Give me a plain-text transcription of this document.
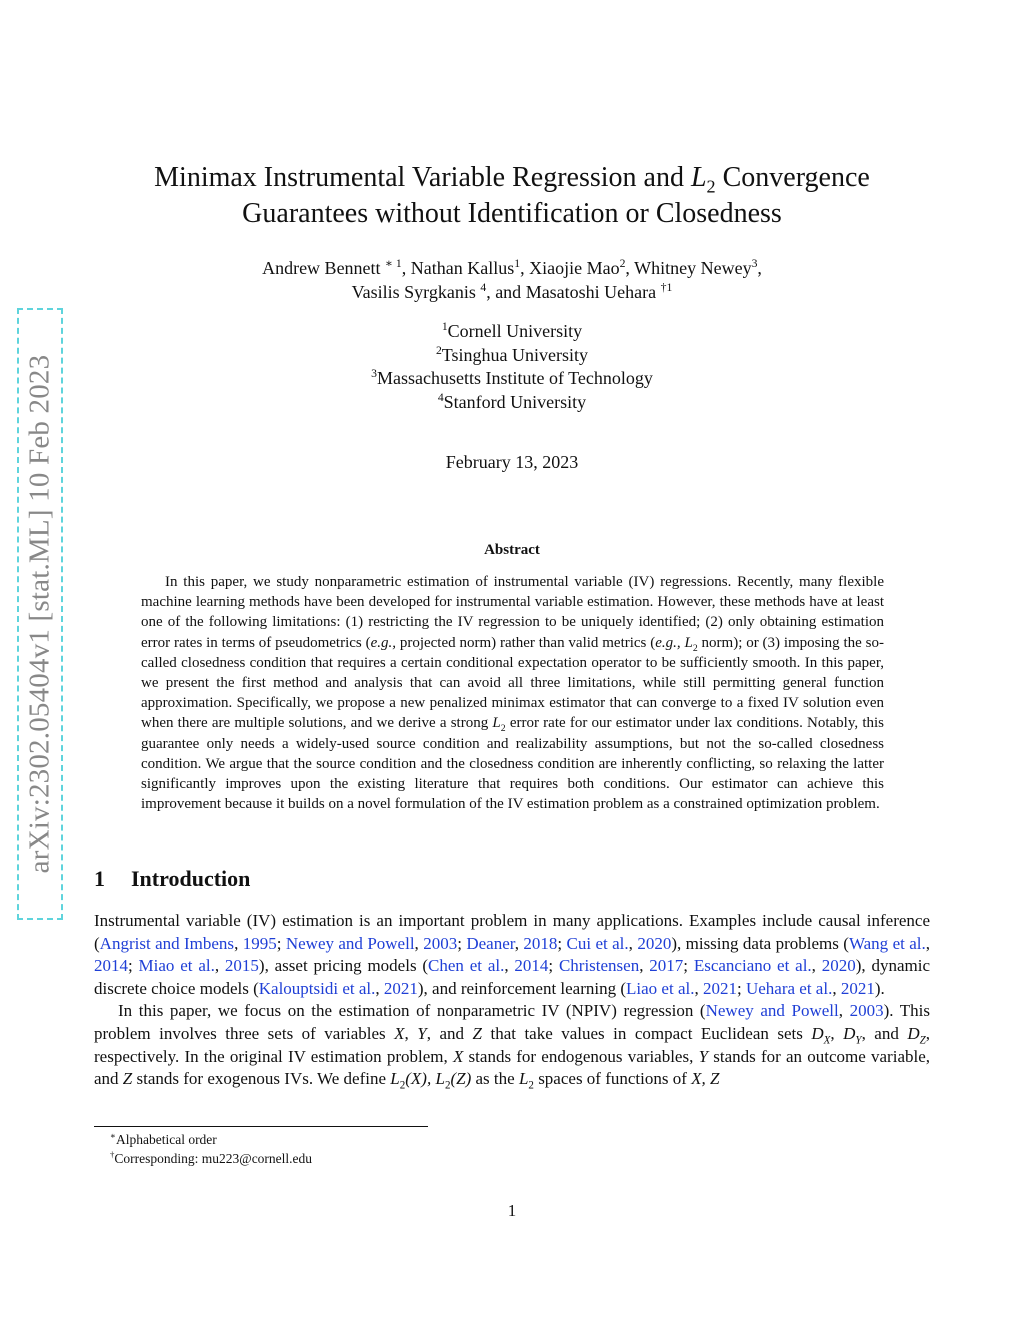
arXiv:2302.05404v1 [stat.ML] 10 Feb 2023
Minimax Instrumental Variable Regression and $L_2$ Convergence
Guarantees without Identification or Closedness
Andrew Bennett $^{∗ 1}$, Nathan Kallus$^1$, Xiaojie Mao$^2$, Whitney Newey$^3$,
Vasilis Syrgkanis $^4$, and Masatoshi Uehara $^{\dagger 1}$
$^1$Cornell University
$^2$Tsinghua University
$^3$Massachusetts Institute of Technology
$^4$Stanford University
February 13, 2023
Abstract
In this paper, we study nonparametric estimation of instrumental variable (IV) regressions. Recently, many flexible machine learning methods have been developed for instrumental variable estimation. However, these methods have at least one of the following limitations: (1) restricting the IV regression to be uniquely identified; (2) only obtaining estimation error rates in terms of pseudometrics (e.g., projected norm) rather than valid metrics (e.g., $L_2$ norm); or (3) imposing the so-called closedness condition that requires a certain conditional expectation operator to be sufficiently smooth. In this paper, we present the first method and analysis that can avoid all three limitations, while still permitting general function approximation. Specifically, we propose a new penalized minimax estimator that can converge to a fixed IV solution even when there are multiple solutions, and we derive a strong $L_2$ error rate for our estimator under lax conditions. Notably, this guarantee only needs a widely-used source condition and realizability assumptions, but not the so-called closedness condition. We argue that the source condition and the closedness condition are inherently conflicting, so relaxing the latter significantly improves upon the existing literature that requires both conditions. Our estimator can achieve this improvement because it builds on a novel formulation of the IV estimation problem as a constrained optimization problem.
1 Introduction

Instrumental variable (IV) estimation is an important problem in many applications. Examples include causal inference (Angrist and Imbens, 1995; Newey and Powell, 2003; Deaner, 2018; Cui et al., 2020), missing data problems (Wang et al., 2014; Miao et al., 2015), asset pricing models (Chen et al., 2014; Christensen, 2017; Escanciano et al., 2020), dynamic discrete choice models (Kalouptsidi et al., 2021), and reinforcement learning (Liao et al., 2021; Uehara et al., 2021).

In this paper, we focus on the estimation of nonparametric IV (NPIV) regression (Newey and Powell, 2003). This problem involves three sets of variables X, Y, and Z that take values in compact Euclidean sets $D_X$, $D_Y$, and $D_Z$, respectively. In the original IV estimation problem, X stands for endogenous variables, Y stands for an outcome variable, and Z stands for exogenous IVs. We define $L_2(X)$, $L_2(Z)$ as the $L_2$ spaces of functions of X, Z

∗Alphabetical order
†Corresponding: mu223@cornell.edu
1
